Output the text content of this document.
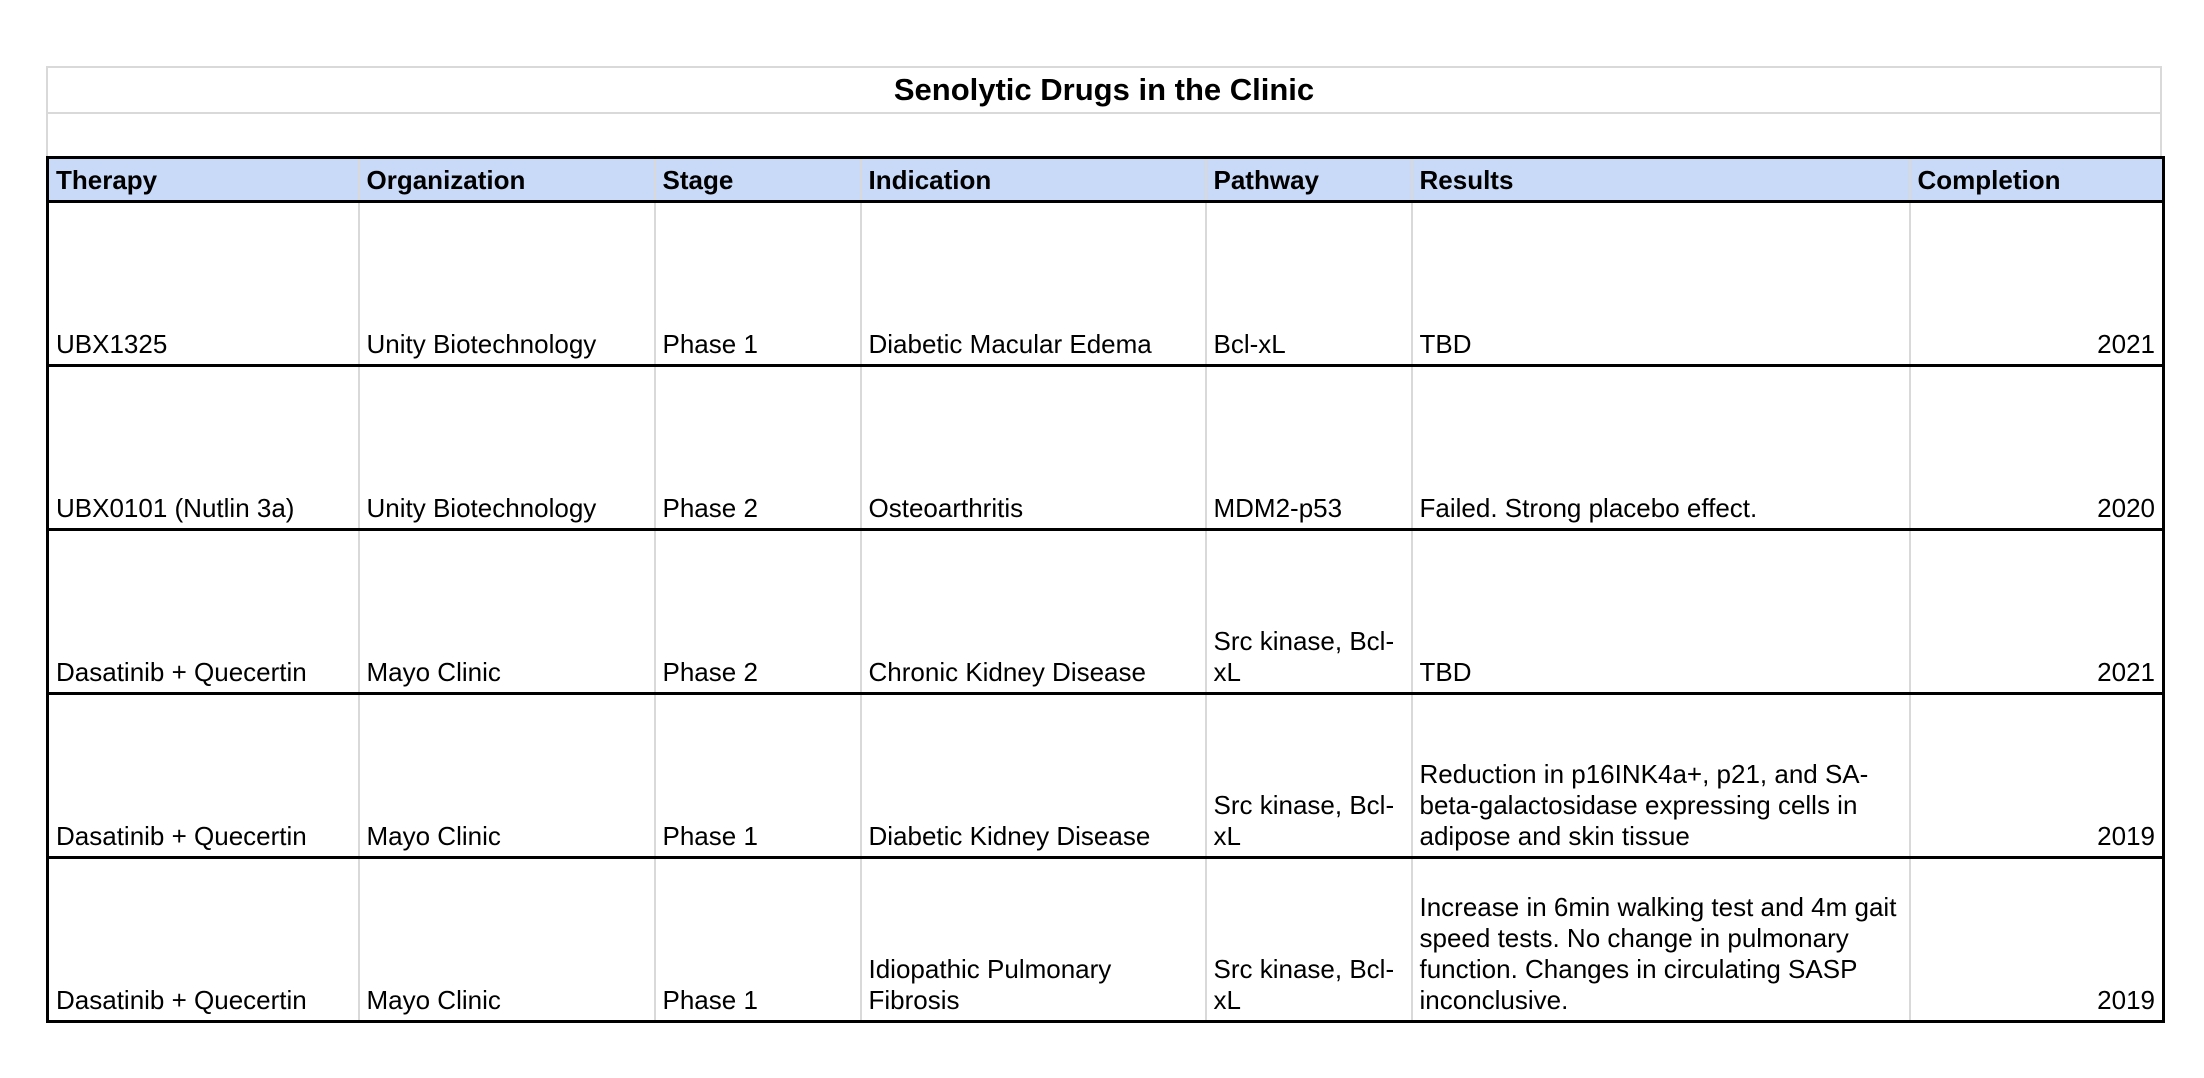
Senolytic Drugs in the Clinic
Therapy	Organization	Stage	Indication	Pathway	Results	Completion
UBX1325	Unity Biotechnology	Phase 1	Diabetic Macular Edema	Bcl-xL	TBD	2021
UBX0101 (Nutlin 3a)	Unity Biotechnology	Phase 2	Osteoarthritis	MDM2-p53	Failed. Strong placebo effect.	2020
Dasatinib + Quecertin	Mayo Clinic	Phase 2	Chronic Kidney Disease	Src kinase, Bcl-xL	TBD	2021
Dasatinib + Quecertin	Mayo Clinic	Phase 1	Diabetic Kidney Disease	Src kinase, Bcl-xL	Reduction in p16INK4a+, p21, and SA-beta-galactosidase expressing cells in adipose and skin tissue	2019
Dasatinib + Quecertin	Mayo Clinic	Phase 1	Idiopathic Pulmonary Fibrosis	Src kinase, Bcl-xL	Increase in 6min walking test and 4m gait speed tests. No change in pulmonary function. Changes in circulating SASP inconclusive.	2019
